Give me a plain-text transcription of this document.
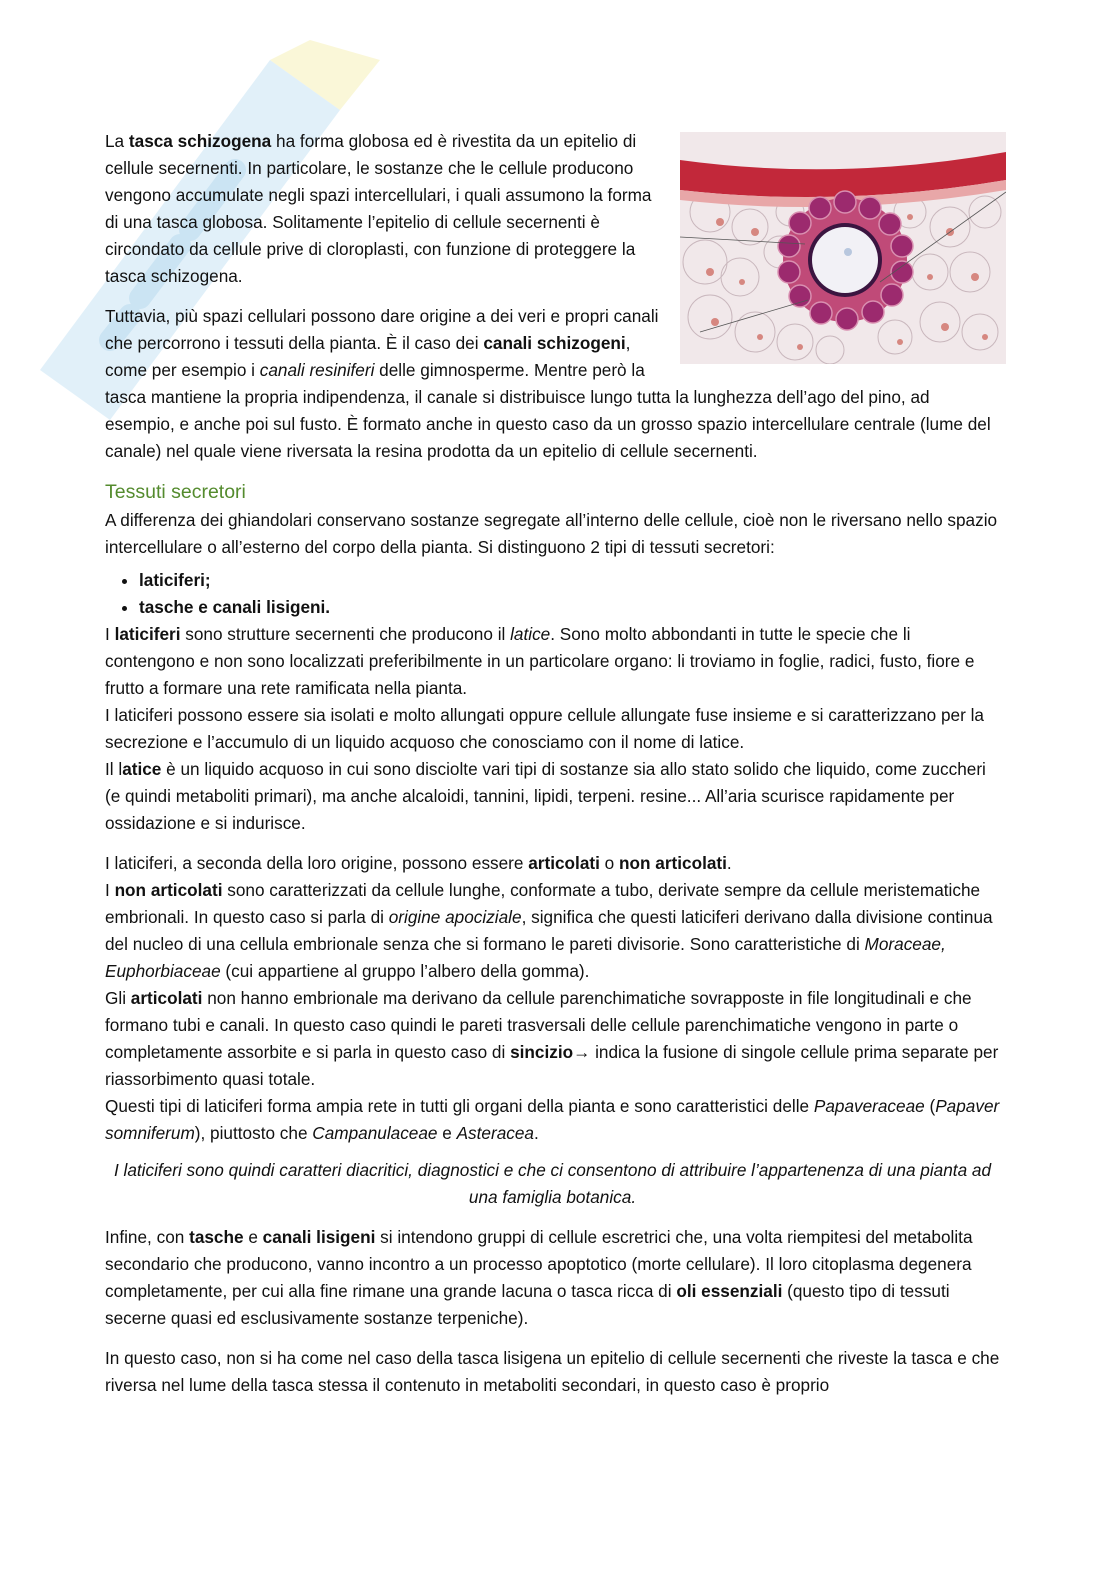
La tasca schizogena ha forma globosa ed è rivestita da un epitelio di cellule secernenti. In particolare, le sostanze che le cellule producono vengono accumulate negli spazi intercellulari, i quali assumono la forma di una tasca globosa. Solitamente l’epitelio di cellule secernenti è circondato da cellule prive di cloroplasti, con funzione di proteggere la tasca schizogena.

Tuttavia, più spazi cellulari possono dare origine a dei veri e propri canali che percorrono i tessuti della pianta. È il caso dei canali schizogeni, come per esempio i canali resiniferi delle gimnosperme. Mentre però la tasca mantiene la propria indipendenza, il canale si distribuisce lungo tutta la lunghezza dell’ago del pino, ad esempio, e anche poi sul fusto. È formato anche in questo caso da un grosso spazio intercellulare centrale (lume del canale) nel quale viene riversata la resina prodotta da un epitelio di cellule secernenti.

Tessuti secretori

A differenza dei ghiandolari conservano sostanze segregate all’interno delle cellule, cioè non le riversano nello spazio intercellulare o all’esterno del corpo della pianta. Si distinguono 2 tipi di tessuti secretori:

• laticiferi;
• tasche e canali lisigeni.

I laticiferi sono strutture secernenti che producono il latice. Sono molto abbondanti in tutte le specie che li contengono e non sono localizzati preferibilmente in un particolare organo: li troviamo in foglie, radici, fusto, fiore e frutto a formare una rete ramificata nella pianta.
I laticiferi possono essere sia isolati e molto allungati oppure cellule allungate fuse insieme e si caratterizzano per la secrezione e l’accumulo di un liquido acquoso che conosciamo con il nome di latice.
Il latice è un liquido acquoso in cui sono disciolte vari tipi di sostanze sia allo stato solido che liquido, come zuccheri (e quindi metaboliti primari), ma anche alcaloidi, tannini, lipidi, terpeni. resine... All’aria scurisce rapidamente per ossidazione e si indurisce.

I laticiferi, a seconda della loro origine, possono essere articolati o non articolati.
I non articolati sono caratterizzati da cellule lunghe, conformate a tubo, derivate sempre da cellule meristematiche embrionali. In questo caso si parla di origine apociziale, significa che questi laticiferi derivano dalla divisione continua del nucleo di una cellula embrionale senza che si formano le pareti divisorie. Sono caratteristiche di Moraceae, Euphorbiaceae (cui appartiene al gruppo l’albero della gomma).
Gli articolati non hanno embrionale ma derivano da cellule parenchimatiche sovrapposte in file longitudinali e che formano tubi e canali. In questo caso quindi le pareti trasversali delle cellule parenchimatiche vengono in parte o completamente assorbite e si parla in questo caso di sincizio→ indica la fusione di singole cellule prima separate per riassorbimento quasi totale.
Questi tipi di laticiferi forma ampia rete in tutti gli organi della pianta e sono caratteristici delle Papaveraceae (Papaver somniferum), piuttosto che Campanulaceae e Asteracea.

I laticiferi sono quindi caratteri diacritici, diagnostici e che ci consentono di attribuire l’appartenenza di una pianta ad una famiglia botanica.

Infine, con tasche e canali lisigeni si intendono gruppi di cellule escretrici che, una volta riempitesi del metabolita secondario che producono, vanno incontro a un processo apoptotico (morte cellulare). Il loro citoplasma degenera completamente, per cui alla fine rimane una grande lacuna o tasca ricca di oli essenziali (questo tipo di tessuti secerne quasi ed esclusivamente sostanze terpeniche).

In questo caso, non si ha come nel caso della tasca lisigena un epitelio di cellule secernenti che riveste la tasca e che riversa nel lume della tasca stessa il contenuto in metaboliti secondari, in questo caso è proprio
